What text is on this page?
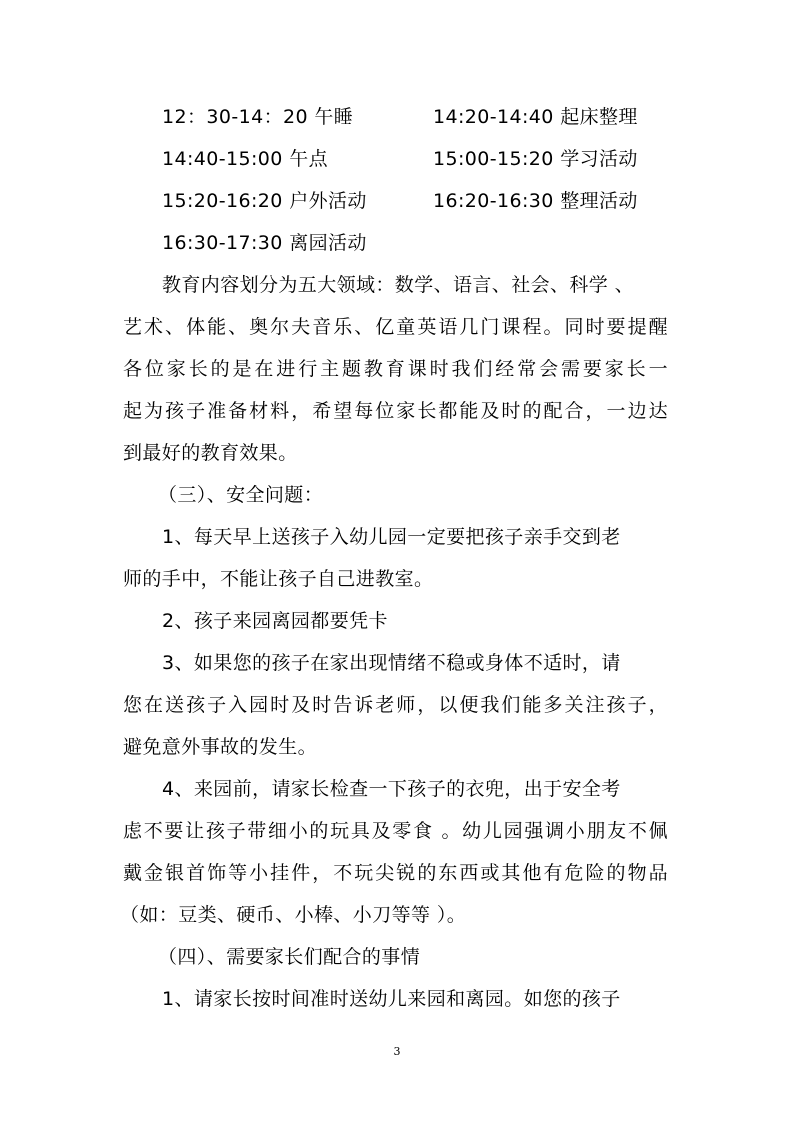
12：30-14：20 午睡	14:20-14:40 起床整理
14:40-15:00 午点	15:00-15:20 学习活动
15:20-16:20 户外活动	16:20-16:30 整理活动
16:30-17:30 离园活动
教育内容划分为五大领域：数学、语言、社会、科学 、
艺术、体能、奥尔夫音乐、亿童英语几门课程。同时要提醒
各位家长的是在进行主题教育课时我们经常会需要家长一
起为孩子准备材料，希望每位家长都能及时的配合，一边达
到最好的教育效果。
（三）、安全问题：
1、每天早上送孩子入幼儿园一定要把孩子亲手交到老
师的手中，不能让孩子自己进教室。
2、孩子来园离园都要凭卡
3、如果您的孩子在家出现情绪不稳或身体不适时，请
您在送孩子入园时及时告诉老师，以便我们能多关注孩子，
避免意外事故的发生。
4、来园前，请家长检查一下孩子的衣兜，出于安全考
虑不要让孩子带细小的玩具及零食 。幼儿园强调小朋友不佩
戴金银首饰等小挂件，不玩尖锐的东西或其他有危险的物品
（如：豆类、硬币、小棒、小刀等等 ）。
（四）、需要家长们配合的事情
1、请家长按时间准时送幼儿来园和离园。如您的孩子
3
